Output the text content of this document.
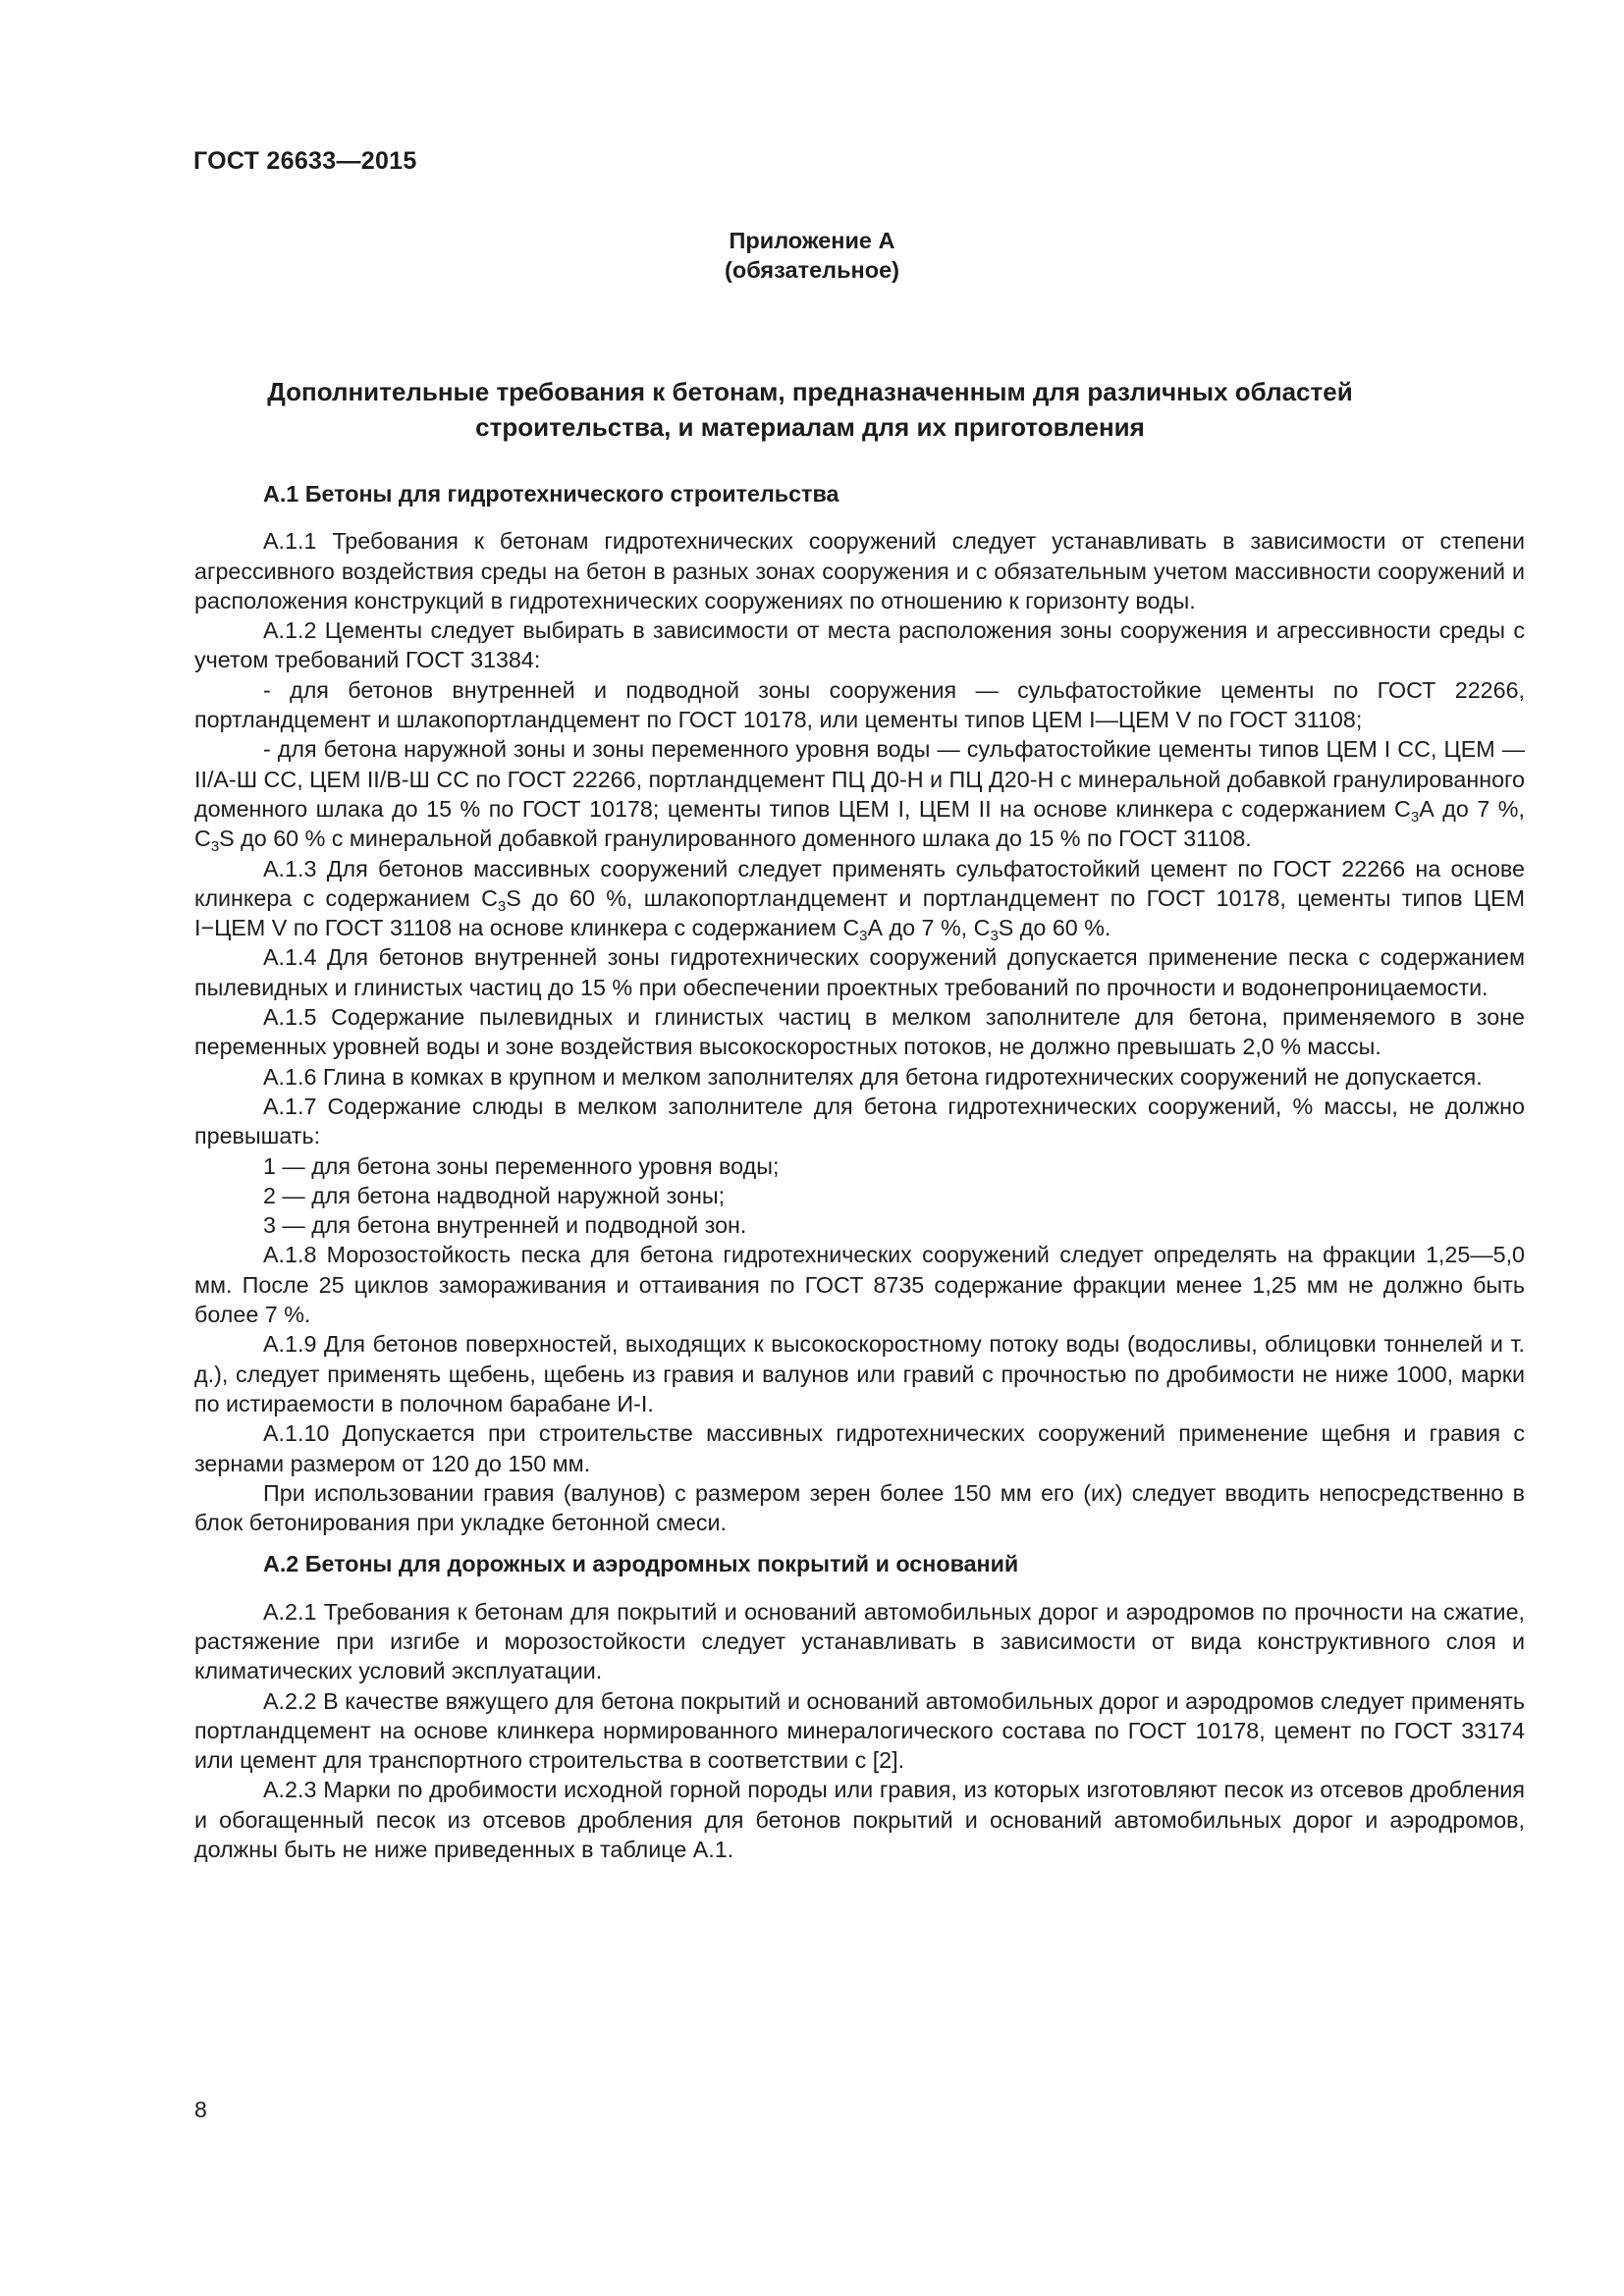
ГОСТ 26633—2015
Приложение А
(обязательное)
Дополнительные требования к бетонам, предназначенным для различных областей
строительства, и материалам для их приготовления
А.1 Бетоны для гидротехнического строительства

А.1.1 Требования к бетонам гидротехнических сооружений следует устанавливать в зависимости от степени агрессивного воздействия среды на бетон в разных зонах сооружения и с обязательным учетом массивности сооружений и расположения конструкций в гидротехнических сооружениях по отношению к горизонту воды.

А.1.2 Цементы следует выбирать в зависимости от места расположения зоны сооружения и агрессивности среды с учетом требований ГОСТ 31384:

- для бетонов внутренней и подводной зоны сооружения — сульфатостойкие цементы по ГОСТ 22266, портландцемент и шлакопортландцемент по ГОСТ 10178, или цементы типов ЦЕМ I—ЦЕМ V по ГОСТ 31108;

- для бетона наружной зоны и зоны переменного уровня воды — сульфатостойкие цементы типов ЦЕМ I СС, ЦЕМ — II/А-Ш СС, ЦЕМ II/В-Ш СС по ГОСТ 22266, портландцемент ПЦ Д0-Н и ПЦ Д20-Н с минеральной добавкой гранулированного доменного шлака до 15 % по ГОСТ 10178; цементы типов ЦЕМ I, ЦЕМ II на основе клинкера с содержанием $С_3А$ до 7 %, $С_3S$ до 60 % с минеральной добавкой гранулированного доменного шлака до 15 % по ГОСТ 31108.

А.1.3 Для бетонов массивных сооружений следует применять сульфатостойкий цемент по ГОСТ 22266 на основе клинкера с содержанием $С_3S$ до 60 %, шлакопортландцемент и портландцемент по ГОСТ 10178, цементы типов ЦЕМ I−ЦЕМ V по ГОСТ 31108 на основе клинкера с содержанием $С_3А$ до 7 %, $С_3S$ до 60 %.

А.1.4 Для бетонов внутренней зоны гидротехнических сооружений допускается применение песка с содержанием пылевидных и глинистых частиц до 15 % при обеспечении проектных требований по прочности и водонепроницаемости.

А.1.5 Содержание пылевидных и глинистых частиц в мелком заполнителе для бетона, применяемого в зоне переменных уровней воды и зоне воздействия высокоскоростных потоков, не должно превышать 2,0 % массы.

А.1.6 Глина в комках в крупном и мелком заполнителях для бетона гидротехнических сооружений не допускается.

А.1.7 Содержание слюды в мелком заполнителе для бетона гидротехнических сооружений, % массы, не должно превышать:

1 — для бетона зоны переменного уровня воды;

2 — для бетона надводной наружной зоны;

3 — для бетона внутренней и подводной зон.

А.1.8 Морозостойкость песка для бетона гидротехнических сооружений следует определять на фракции 1,25—5,0 мм. После 25 циклов замораживания и оттаивания по ГОСТ 8735 содержание фракции менее 1,25 мм не должно быть более 7 %.

А.1.9 Для бетонов поверхностей, выходящих к высокоскоростному потоку воды (водосливы, облицовки тоннелей и т. д.), следует применять щебень, щебень из гравия и валунов или гравий с прочностью по дробимости не ниже 1000, марки по истираемости в полочном барабане И-I.

А.1.10 Допускается при строительстве массивных гидротехнических сооружений применение щебня и гравия с зернами размером от 120 до 150 мм.

При использовании гравия (валунов) с размером зерен более 150 мм его (их) следует вводить непосредственно в блок бетонирования при укладке бетонной смеси.

А.2 Бетоны для дорожных и аэродромных покрытий и оснований

А.2.1 Требования к бетонам для покрытий и оснований автомобильных дорог и аэродромов по прочности на сжатие, растяжение при изгибе и морозостойкости следует устанавливать в зависимости от вида конструктивного слоя и климатических условий эксплуатации.

А.2.2 В качестве вяжущего для бетона покрытий и оснований автомобильных дорог и аэродромов следует применять портландцемент на основе клинкера нормированного минералогического состава по ГОСТ 10178, цемент по ГОСТ 33174 или цемент для транспортного строительства в соответствии с [2].

А.2.3 Марки по дробимости исходной горной породы или гравия, из которых изготовляют песок из отсевов дробления и обогащенный песок из отсевов дробления для бетонов покрытий и оснований автомобильных дорог и аэродромов, должны быть не ниже приведенных в таблице А.1.

8
